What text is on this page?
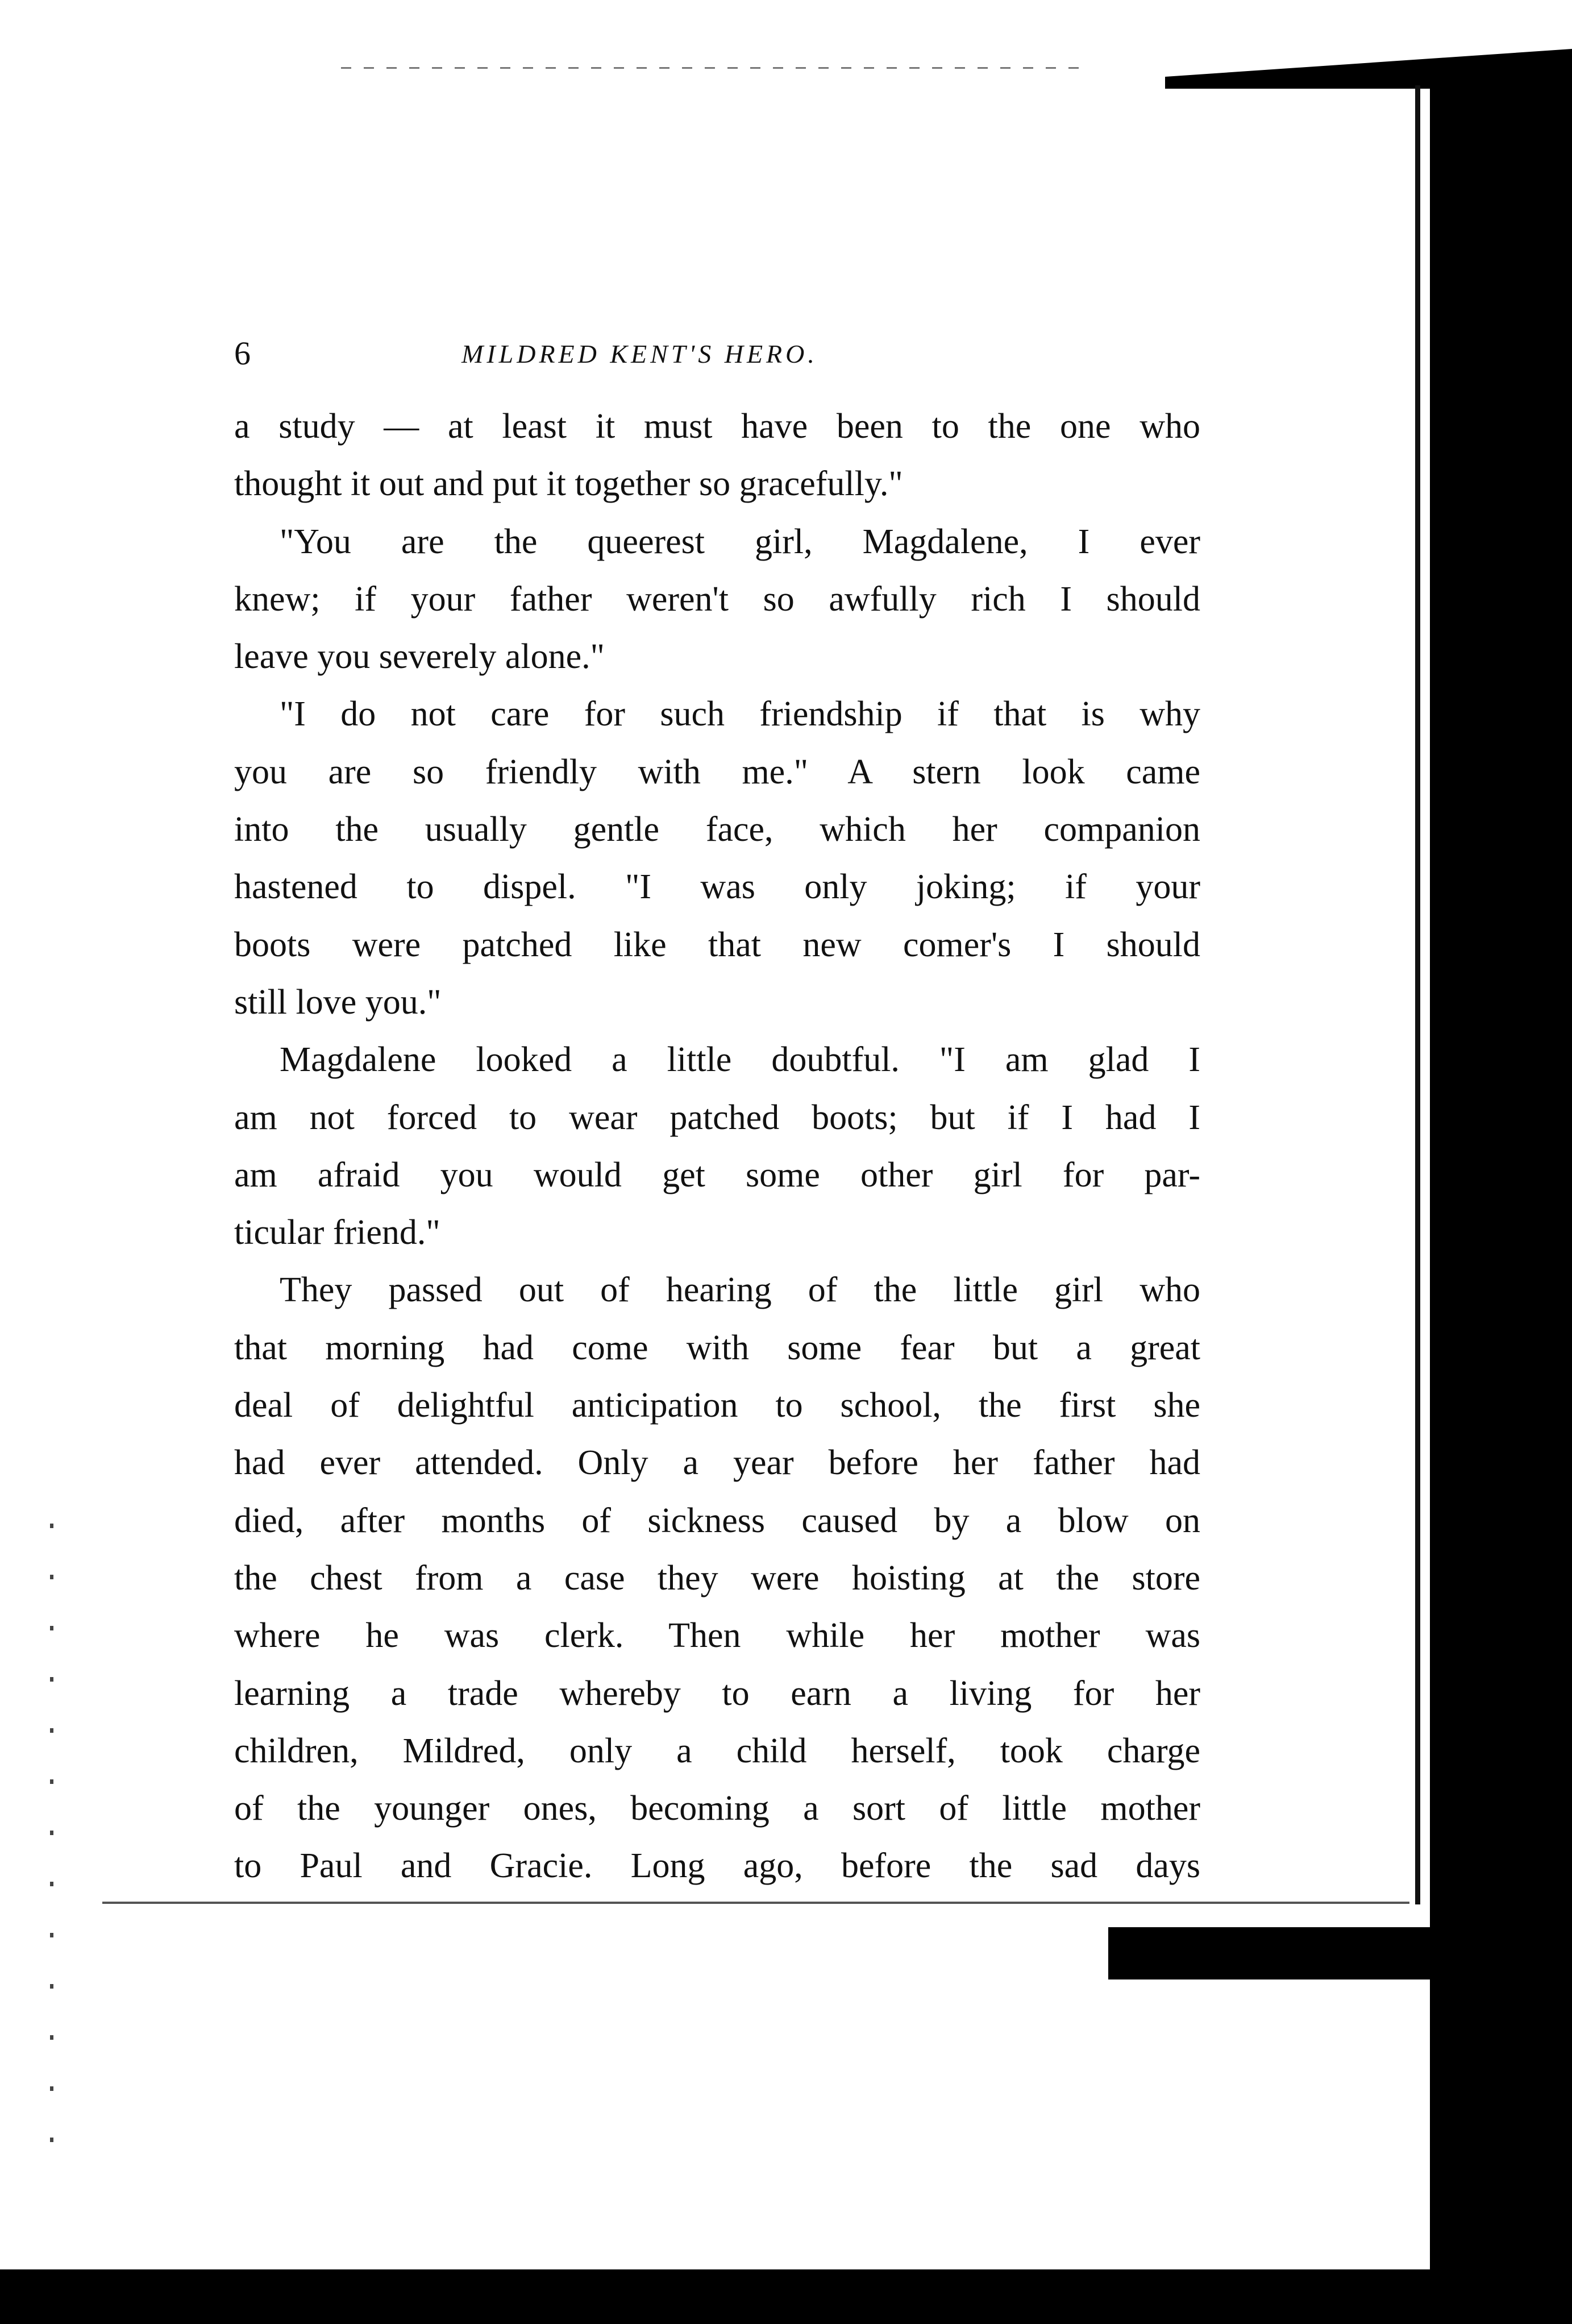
6	MILDRED KENT'S HERO.
a study — at least it must have been to the one who
thought it out and put it together so gracefully."
"You are the queerest girl, Magdalene, I ever
knew; if your father weren't so awfully rich I should
leave you severely alone."
"I do not care for such friendship if that is why
you are so friendly with me." A stern look came
into the usually gentle face, which her companion
hastened to dispel. "I was only joking; if your
boots were patched like that new comer's I should
still love you."
Magdalene looked a little doubtful. "I am glad I
am not forced to wear patched boots; but if I had I
am afraid you would get some other girl for par-
ticular friend."
They passed out of hearing of the little girl who
that morning had come with some fear but a great
deal of delightful anticipation to school, the first she
had ever attended. Only a year before her father had
died, after months of sickness caused by a blow on
the chest from a case they were hoisting at the store
where he was clerk. Then while her mother was
learning a trade whereby to earn a living for her
children, Mildred, only a child herself, took charge
of the younger ones, becoming a sort of little mother
to Paul and Gracie. Long ago, before the sad days
